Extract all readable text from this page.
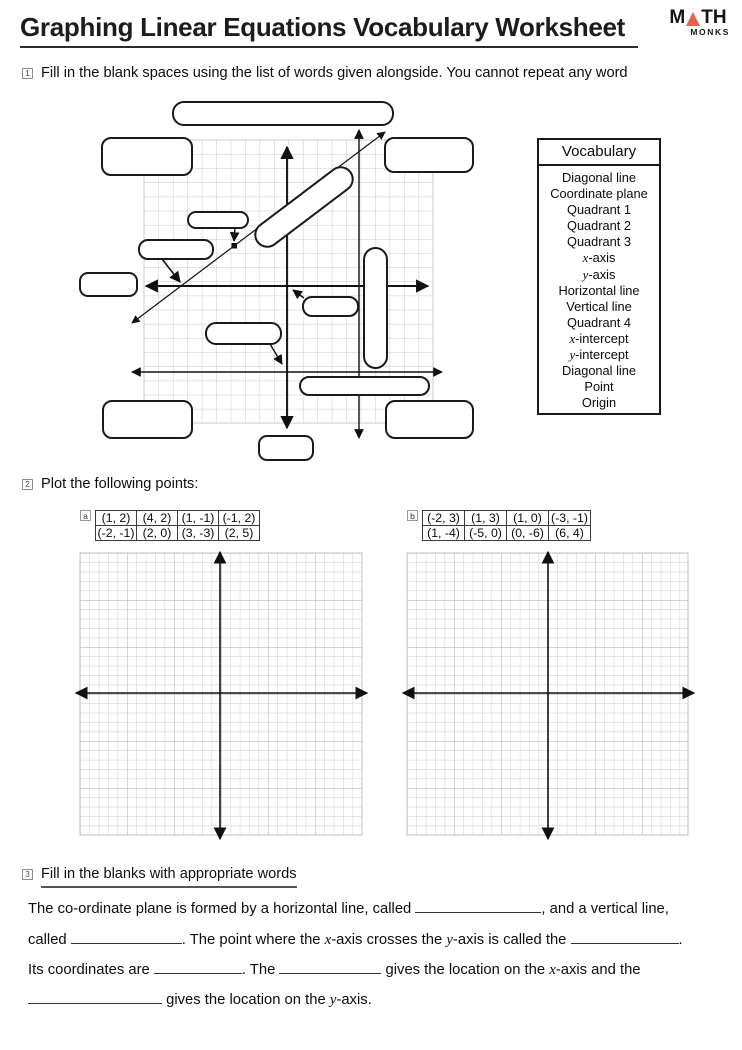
Graphing Linear Equations Vocabulary Worksheet M TH
MONKS
1 Fill in the blank spaces using the list of words given alongside. You cannot repeat any word
Vocabulary
Diagonal line
Coordinate plane
Quadrant 1
Quadrant 2
Quadrant 3
x-axis
y-axis
Horizontal line
Vertical line
Quadrant 4
x-intercept
y-intercept
Diagonal line
Point
Origin
2 Plot the following points:
a (1, 2)	(4, 2)	(1, -1)	(-1, 2)
(-2, -1)	(2, 0)	(3, -3)	(2, 5)
b (-2, 3)	(1, 3)	(1, 0)	(-3, -1)
(1, -4)	(-5, 0)	(0, -6)	(6, 4)
3 Fill in the blanks with appropriate words
The co-ordinate plane is formed by a horizontal line, called	, and a vertical line,
called	. The point where the x-axis crosses the y-axis is called the	.
Its coordinates are	. The	gives the location on the x-axis and the
gives the location on the y-axis.
